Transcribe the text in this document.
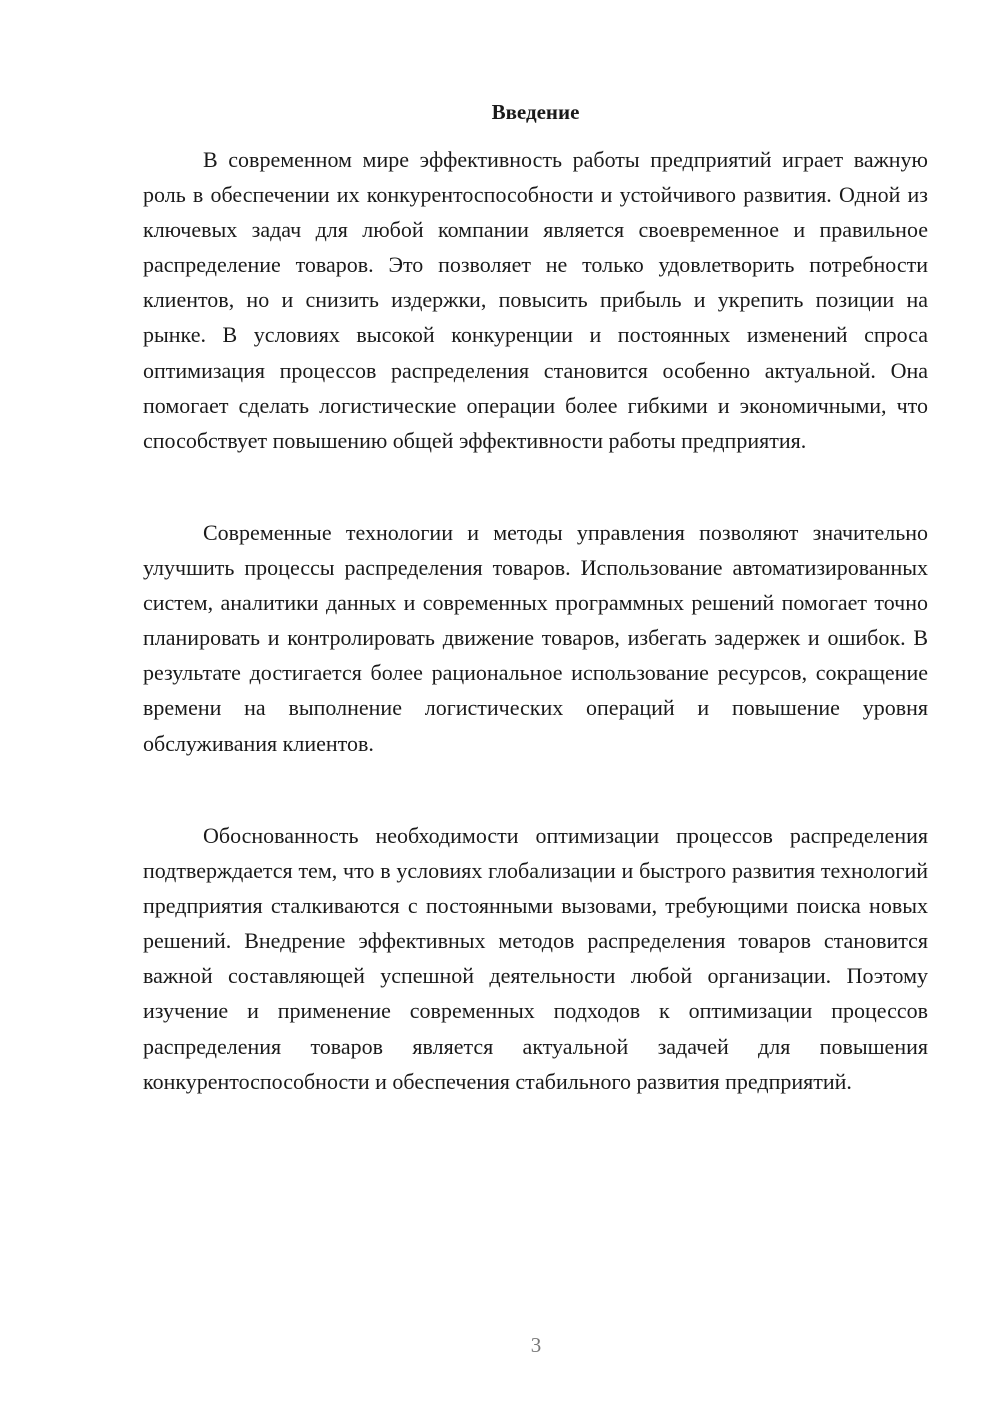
Введение

В современном мире эффективность работы предприятий играет важную роль в обеспечении их конкурентоспособности и устойчивого развития. Одной из ключевых задач для любой компании является своевременное и правильное распределение товаров. Это позволяет не только удовлетворить потребности клиентов, но и снизить издержки, повысить прибыль и укрепить позиции на рынке. В условиях высокой конкуренции и постоянных изменений спроса оптимизация процессов распределения становится особенно актуальной. Она помогает сделать логистические операции более гибкими и экономичными, что способствует повышению общей эффективности работы предприятия.

Современные технологии и методы управления позволяют значительно улучшить процессы распределения товаров. Использование автоматизированных систем, аналитики данных и современных программных решений помогает точно планировать и контролировать движение товаров, избегать задержек и ошибок. В результате достигается более рациональное использование ресурсов, сокращение времени на выполнение логистических операций и повышение уровня обслуживания клиентов.

Обоснованность необходимости оптимизации процессов распределения подтверждается тем, что в условиях глобализации и быстрого развития технологий предприятия сталкиваются с постоянными вызовами, требующими поиска новых решений. Внедрение эффективных методов распределения товаров становится важной составляющей успешной деятельности любой организации. Поэтому изучение и применение современных подходов к оптимизации процессов распределения товаров является актуальной задачей для повышения конкурентоспособности и обеспечения стабильного развития предприятий.

3
